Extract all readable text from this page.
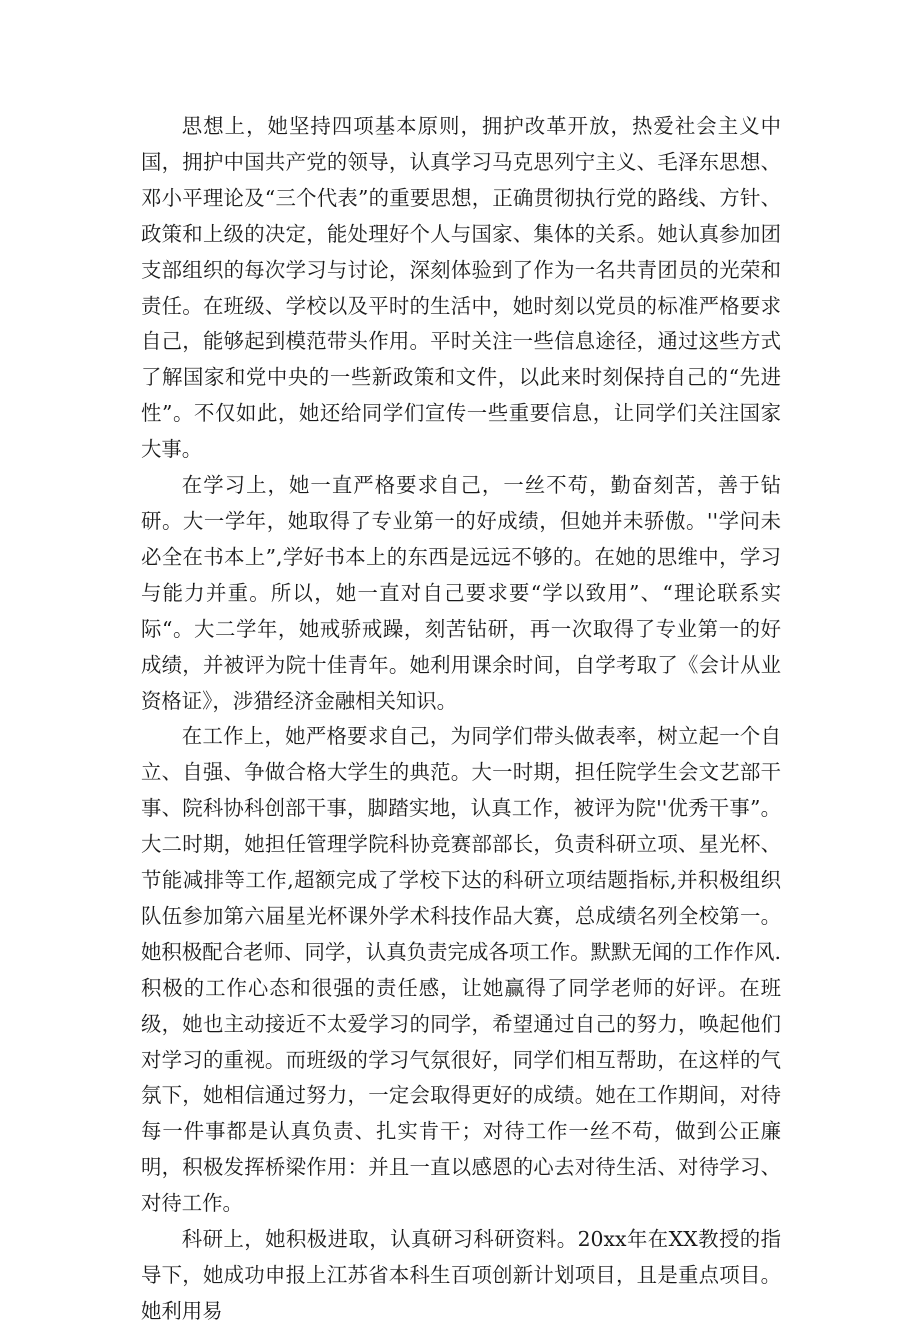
思想上，她坚持四项基本原则，拥护改革开放，热爱社会主义中国，拥护中国共产党的领导，认真学习马克思列宁主义、毛泽东思想、邓小平理论及“三个代表”的重要思想，正确贯彻执行党的路线、方针、政策和上级的决定，能处理好个人与国家、集体的关系。她认真参加团支部组织的每次学习与讨论，深刻体验到了作为一名共青团员的光荣和责任。在班级、学校以及平时的生活中，她时刻以党员的标准严格要求自己，能够起到模范带头作用。平时关注一些信息途径，通过这些方式了解国家和党中央的一些新政策和文件，以此来时刻保持自己的“先进性”。不仅如此，她还给同学们宣传一些重要信息，让同学们关注国家大事。

在学习上，她一直严格要求自己，一丝不苟，勤奋刻苦，善于钻研。大一学年，她取得了专业第一的好成绩，但她并未骄傲。''学问未必全在书本上”,学好书本上的东西是远远不够的。在她的思维中，学习与能力并重。所以，她一直对自己要求要“学以致用”、“理论联系实际“。大二学年，她戒骄戒躁，刻苦钻研，再一次取得了专业第一的好成绩，并被评为院十佳青年。她利用课余时间，自学考取了《会计从业资格证》，涉猎经济金融相关知识。

在工作上，她严格要求自己，为同学们带头做表率，树立起一个自立、自强、争做合格大学生的典范。大一时期，担任院学生会文艺部干事、院科协科创部干事，脚踏实地，认真工作，被评为院''优秀干事”。大二时期，她担任管理学院科协竞赛部部长，负责科研立项、星光杯、节能减排等工作,超额完成了学校下达的科研立项结题指标,并积极组织队伍参加第六届星光杯课外学术科技作品大赛，总成绩名列全校第一。她积极配合老师、同学，认真负责完成各项工作。默默无闻的工作作风.积极的工作心态和很强的责任感，让她赢得了同学老师的好评。在班级，她也主动接近不太爱学习的同学，希望通过自己的努力，唤起他们对学习的重视。而班级的学习气氛很好，同学们相互帮助，在这样的气氛下，她相信通过努力，一定会取得更好的成绩。她在工作期间，对待每一件事都是认真负责、扎实肯干；对待工作一丝不苟，做到公正廉明，积极发挥桥梁作用：并且一直以感恩的心去对待生活、对待学习、对待工作。

科研上，她积极进取，认真研习科研资料。20xx年在XX教授的指导下，她成功申报上江苏省本科生百项创新计划项目，且是重点项目。她利用易
